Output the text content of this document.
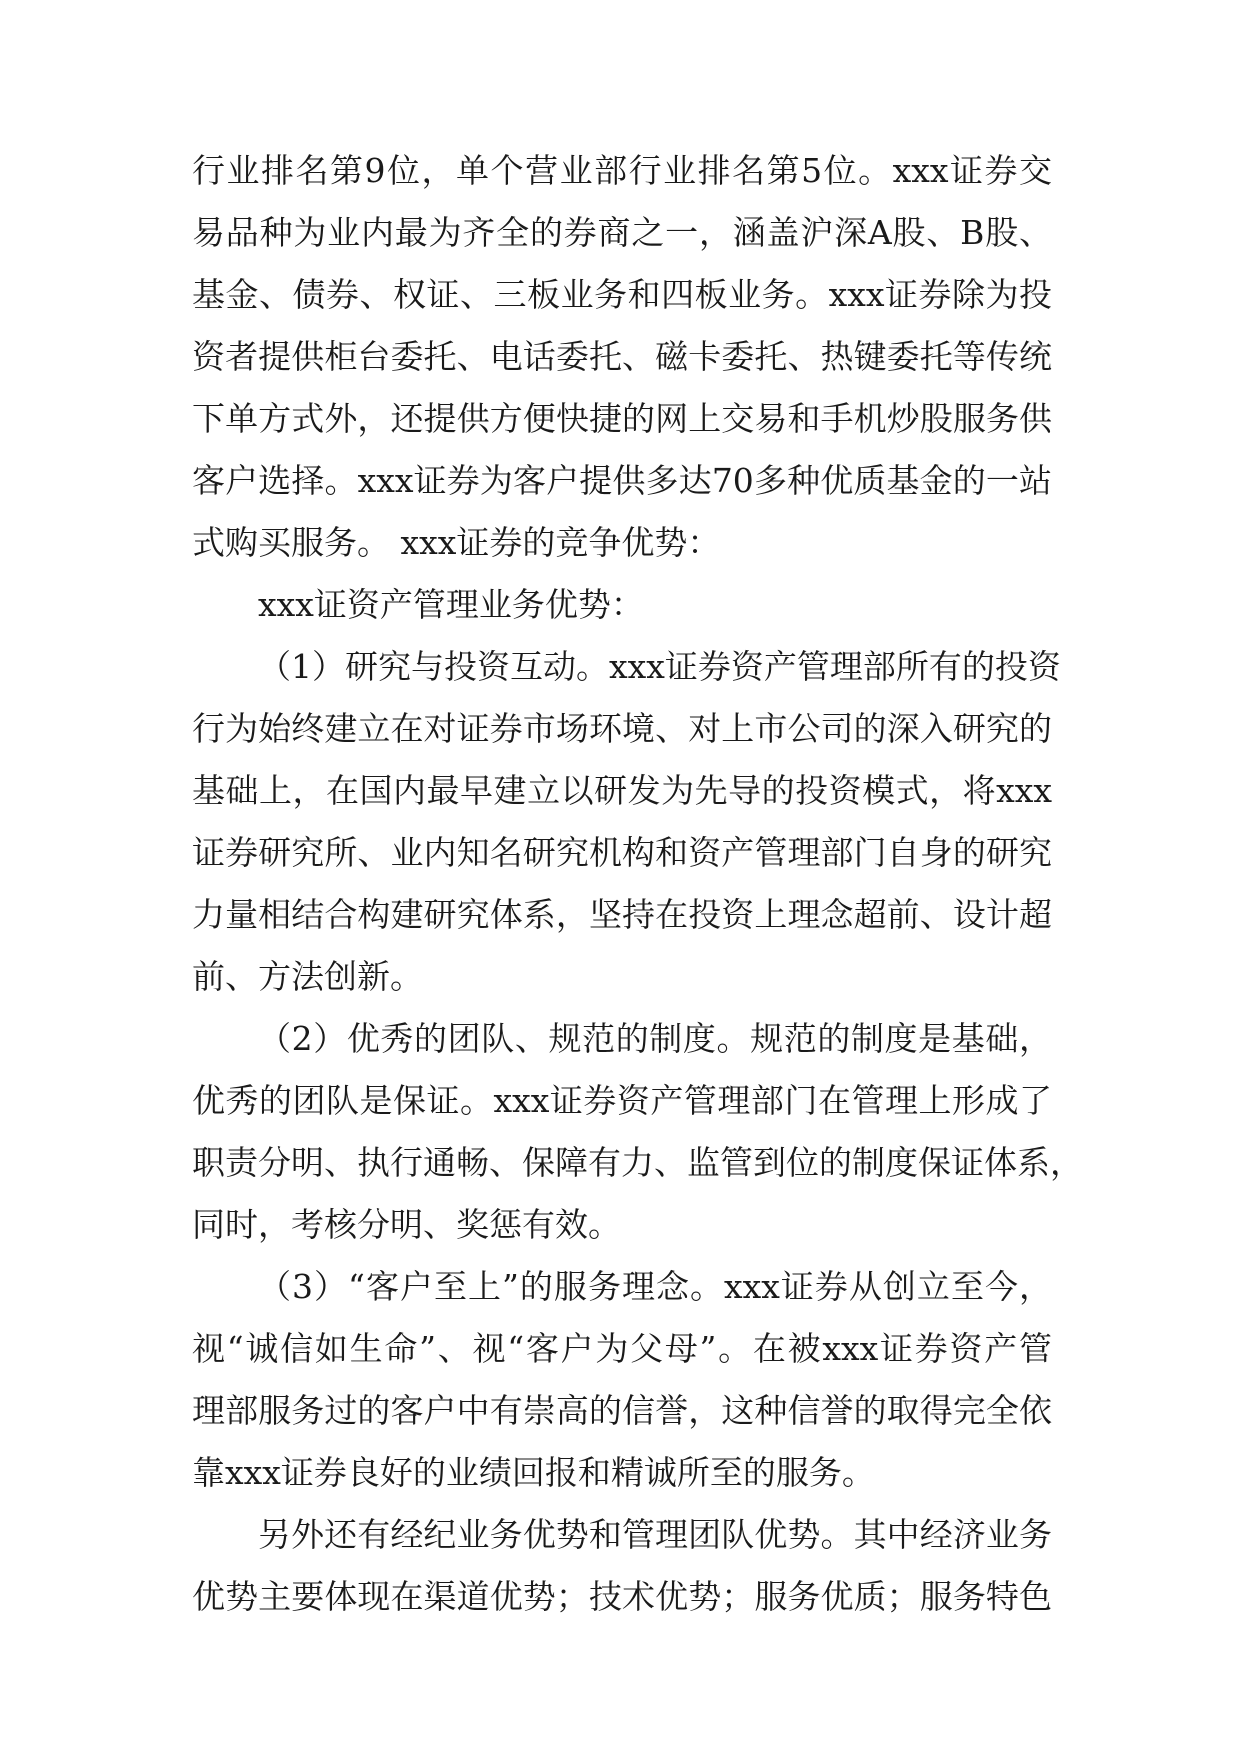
行业排名第9位，单个营业部行业排名第5位。xxx证券交
易品种为业内最为齐全的券商之一，涵盖沪深A股、B股、
基金、债券、权证、三板业务和四板业务。xxx证券除为投
资者提供柜台委托、电话委托、磁卡委托、热键委托等传统
下单方式外，还提供方便快捷的网上交易和手机炒股服务供
客户选择。xxx证券为客户提供多达70多种优质基金的一站
式购买服务。 xxx证券的竞争优势：
xxx证资产管理业务优势：
（1）研究与投资互动。xxx证券资产管理部所有的投资
行为始终建立在对证券市场环境、对上市公司的深入研究的
基础上，在国内最早建立以研发为先导的投资模式，将xxx
证券研究所、业内知名研究机构和资产管理部门自身的研究
力量相结合构建研究体系，坚持在投资上理念超前、设计超
前、方法创新。
（2）优秀的团队、规范的制度。规范的制度是基础，
优秀的团队是保证。xxx证券资产管理部门在管理上形成了
职责分明、执行通畅、保障有力、监管到位的制度保证体系，
同时，考核分明、奖惩有效。
（3）“客户至上”的服务理念。xxx证券从创立至今，
视“诚信如生命”、视“客户为父母”。在被xxx证券资产管
理部服务过的客户中有崇高的信誉，这种信誉的取得完全依
靠xxx证券良好的业绩回报和精诚所至的服务。
另外还有经纪业务优势和管理团队优势。其中经济业务
优势主要体现在渠道优势；技术优势；服务优质；服务特色
